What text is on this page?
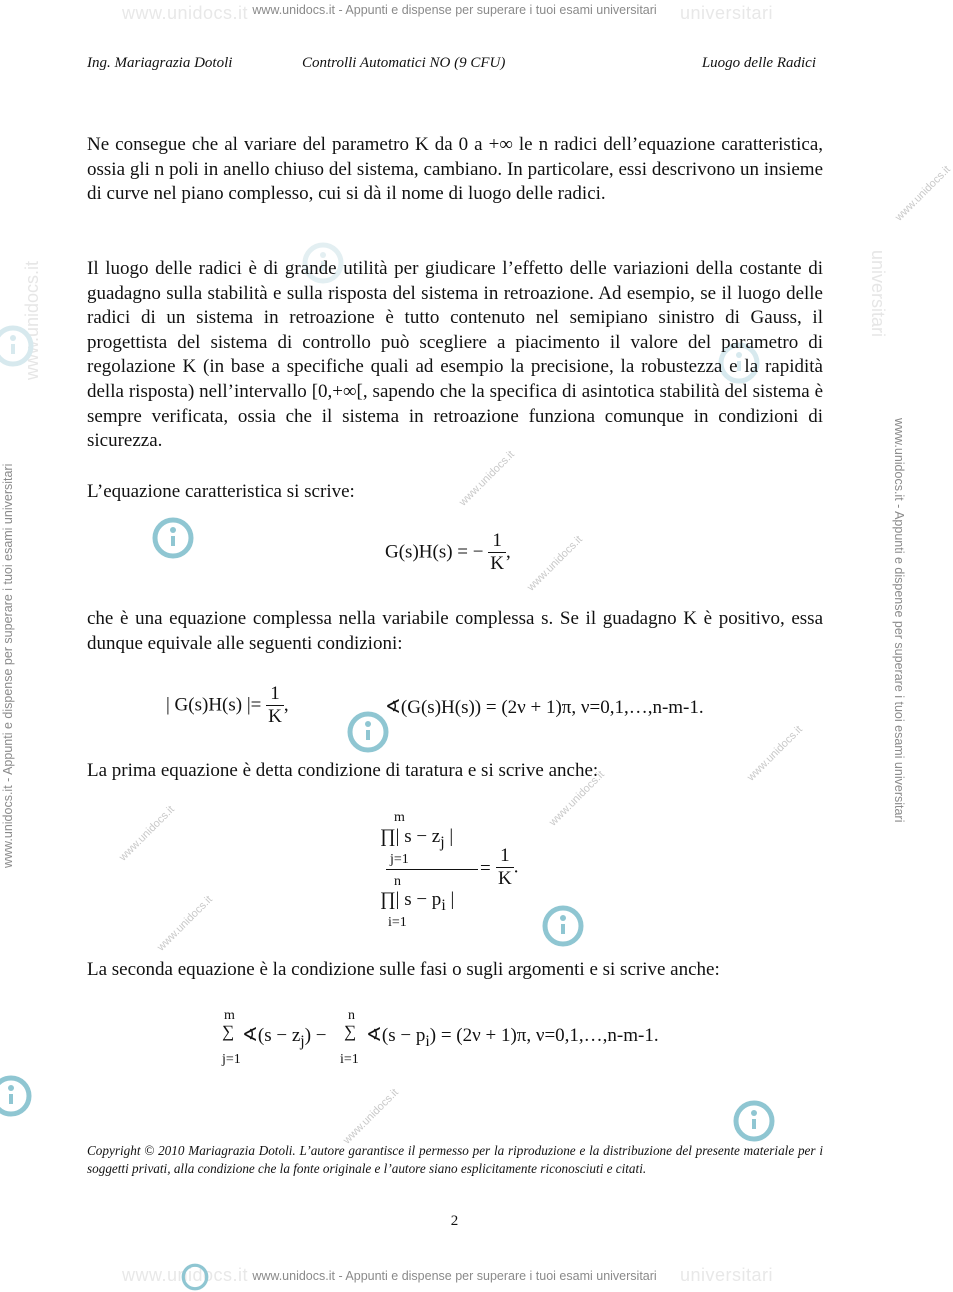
www.unidocs.it	universitari
www.unidocs.it	universitari
www.unidocs.it - Appunti e dispense per superare i tuoi esami universitari
www.unidocs.it - Appunti e dispense per superare i tuoi esami universitari
www.unidocs.it - Appunti e dispense per superare i tuoi esami universitari	www.unidocs.it - Appunti e dispense per superare i tuoi esami universitari
www.unidocs.it	universitari
www.unidocs.it
www.unidocs.it
www.unidocs.it
www.unidocs.it
www.unidocs.it
www.unidocs.it
www.unidocs.it
www.unidocs.it
Ing. Mariagrazia Dotoli	Controlli Automatici NO (9 CFU)	Luogo delle Radici
Ne consegue che al variare del parametro K da 0 a +∞ le n radici dell’equazione caratteristica, ossia gli n poli in anello chiuso del sistema, cambiano. In particolare, essi descrivono un insieme di curve nel piano complesso, cui si dà il nome di luogo delle radici.
Il luogo delle radici è di grande utilità per giudicare l’effetto delle variazioni della costante di guadagno sulla stabilità e sulla risposta del sistema in retroazione. Ad esempio, se il luogo delle radici di un sistema in retroazione è tutto contenuto nel semipiano sinistro di Gauss, il progettista del sistema di controllo può scegliere a piacimento il valore del parametro di regolazione K (in base a specifiche quali ad esempio la precisione, la robustezza e la rapidità della risposta) nell’intervallo [0,+∞[, sapendo che la specifica di asintotica stabilità del sistema è sempre verificata, ossia che il sistema in retroazione funziona comunque in condizioni di sicurezza.
L’equazione caratteristica si scrive:
G(s)H(s) = − $\frac{1}{K}$ ,
che è una equazione complessa nella variabile complessa s. Se il guadagno K è positivo, essa dunque equivale alle seguenti condizioni:
| G(s)H(s) |= $\frac{1}{K}$ ,	∢(G(s)H(s)) = (2ν + 1)π, ν=0,1,…,n-m-1.
La prima equazione è detta condizione di taratura e si scrive anche:
m
∏| $s - z_j$ |
j=1
n
∏| $s - p_i$ |
i=1
= $\frac{1}{K}$ .
La seconda equazione è la condizione sulle fasi o sugli argomenti e si scrive anche:
m
∑
j=1
∢(s − $z_j$) −
n
∑
i=1
∢(s − $p_i) = (2\nu + 1)\pi$, ν=0,1,…,n-m-1.
Copyright © 2010 Mariagrazia Dotoli. L’autore garantisce il permesso per la riproduzione e la distribuzione del presente materiale per i soggetti privati, alla condizione che la fonte originale e l’autore siano esplicitamente riconosciuti e citati.
2
